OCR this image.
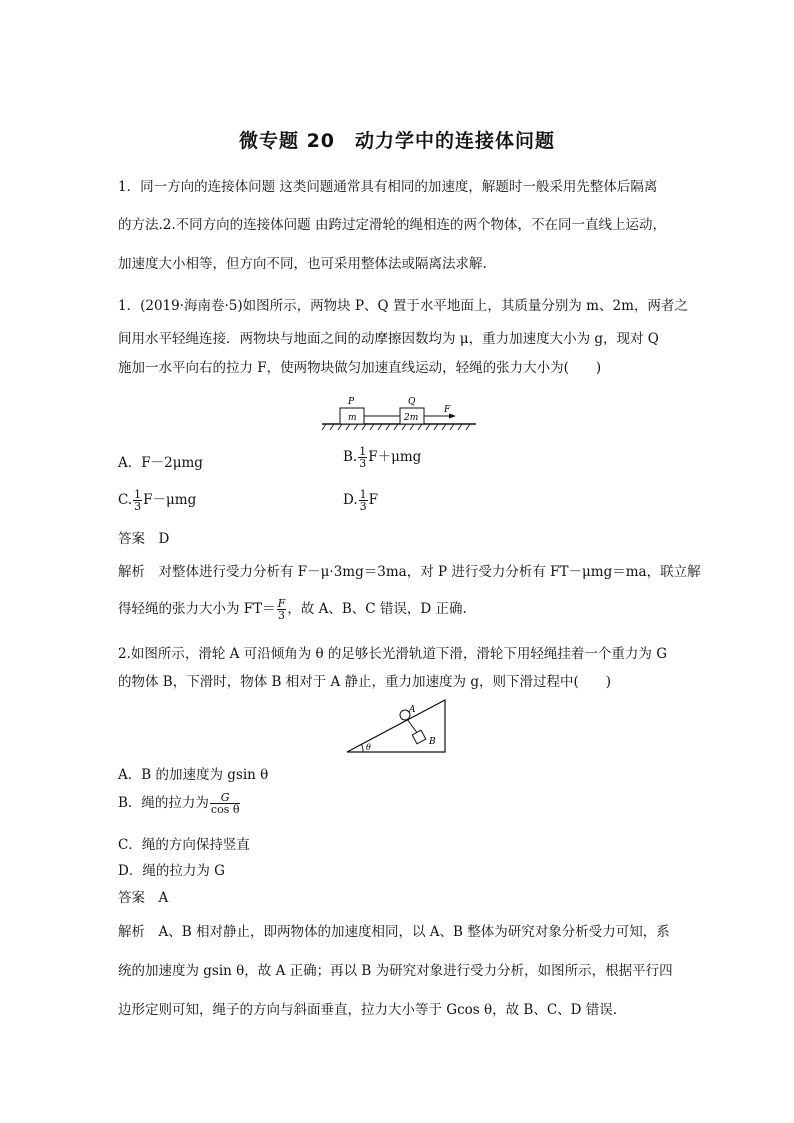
微专题 20　动力学中的连接体问题
1．同一方向的连接体问题 这类问题通常具有相同的加速度，解题时一般采用先整体后隔离
的方法.2.不同方向的连接体问题 由跨过定滑轮的绳相连的两个物体，不在同一直线上运动，
加速度大小相等，但方向不同，也可采用整体法或隔离法求解.
1．(2019·海南卷·5)如图所示，两物块 P、Q 置于水平地面上，其质量分别为 m、2m，两者之
间用水平轻绳连接．两物块与地面之间的动摩擦因数均为 μ，重力加速度大小为 g，现对 Q
施加一水平向右的拉力 F，使两物块做匀加速直线运动，轻绳的张力大小为(　　)
P	Q
m	2m
F
A．F－2μmg	B. $\frac{1}{3} F+\mu mg$
C. $\frac{1}{3} F-\mu mg$	D. $\frac{1}{3}$ F
答案　D
解析　对整体进行受力分析有 F－μ·3mg＝3ma，对 P 进行受力分析有 FT－μmg＝ma，联立解
得轻绳的张力大小为 $FT= \frac{F}{3}$ ，故 A、B、C 错误，D 正确.
2.如图所示，滑轮 A 可沿倾角为 θ 的足够长光滑轨道下滑，滑轮下用轻绳挂着一个重力为 G
的物体 B，下滑时，物体 B 相对于 A 静止，重力加速度为 g，则下滑过程中(　　)
A
B
θ
A．B 的加速度为 gsin θ
B．绳的拉力为 $\frac{G}{\text{cos θ}}$
C．绳的方向保持竖直
D．绳的拉力为 G
答案　A
解析　A、B 相对静止，即两物体的加速度相同，以 A、B 整体为研究对象分析受力可知，系
统的加速度为 gsin θ，故 A 正确；再以 B 为研究对象进行受力分析，如图所示，根据平行四
边形定则可知，绳子的方向与斜面垂直，拉力大小等于 Gcos θ，故 B、C、D 错误.
